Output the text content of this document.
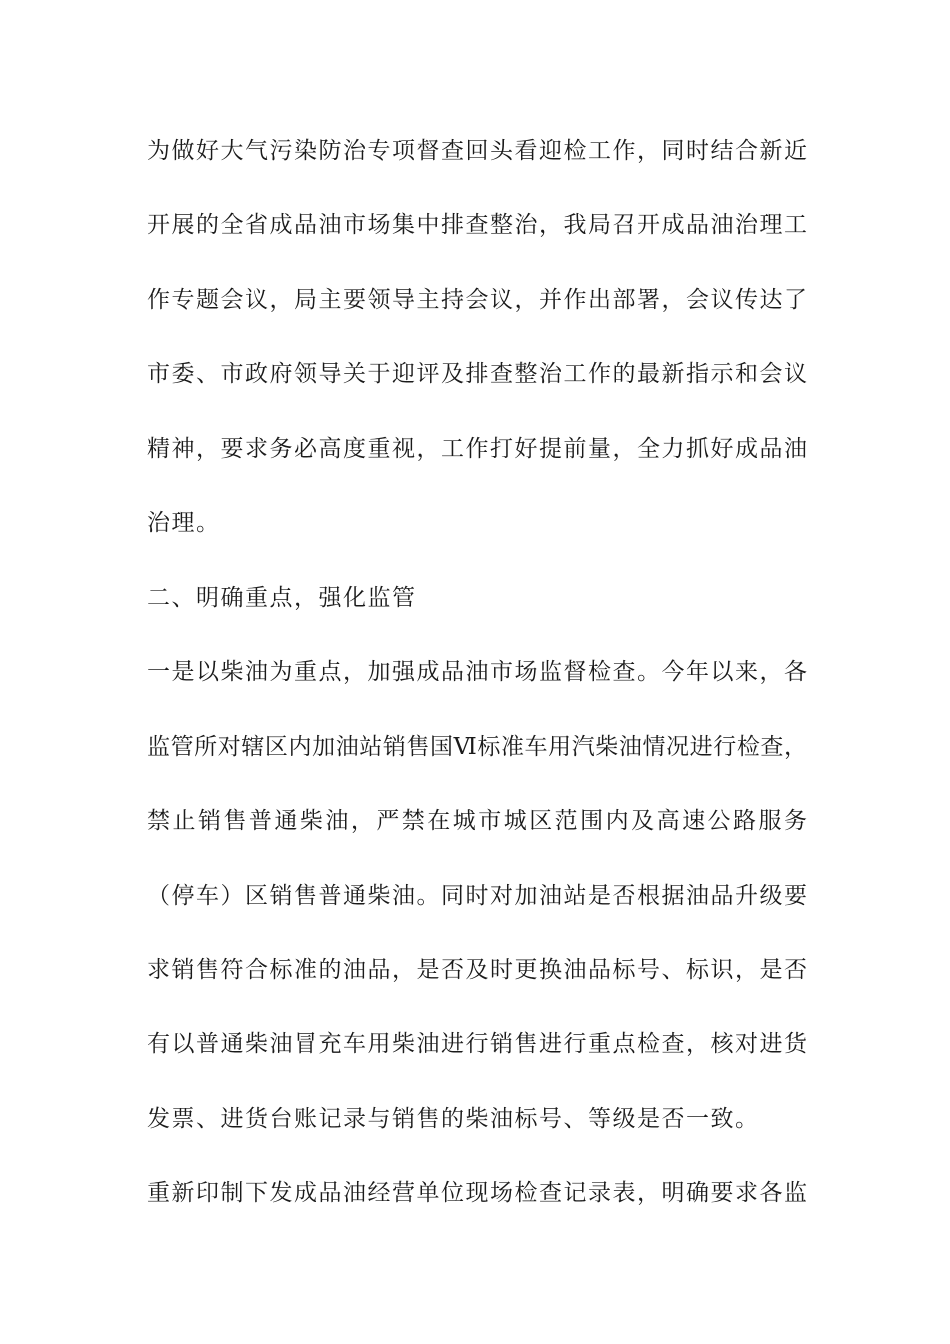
为做好大气污染防治专项督查回头看迎检工作，同时结合新近
开展的全省成品油市场集中排查整治，我局召开成品油治理工
作专题会议，局主要领导主持会议，并作出部署，会议传达了
市委、市政府领导关于迎评及排查整治工作的最新指示和会议
精神，要求务必高度重视，工作打好提前量，全力抓好成品油
治理。
二、明确重点，强化监管
一是以柴油为重点，加强成品油市场监督检查。今年以来，各
监管所对辖区内加油站销售国Ⅵ标准车用汽柴油情况进行检查，
禁止销售普通柴油，严禁在城市城区范围内及高速公路服务
（停车）区销售普通柴油。同时对加油站是否根据油品升级要
求销售符合标准的油品，是否及时更换油品标号、标识，是否
有以普通柴油冒充车用柴油进行销售进行重点检查，核对进货
发票、进货台账记录与销售的柴油标号、等级是否一致。
重新印制下发成品油经营单位现场检查记录表，明确要求各监
